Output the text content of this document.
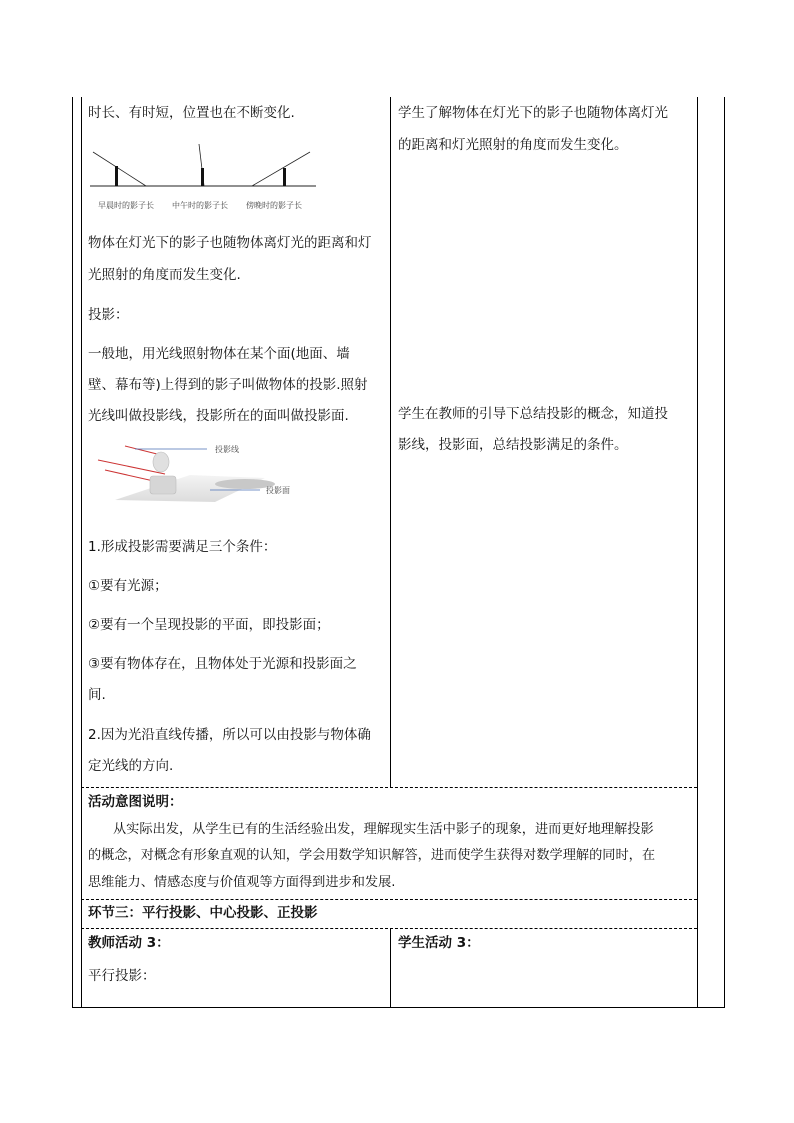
时长、有时短，位置也在不断变化.
早晨时的影子长 中午时的影子长 傍晚时的影子长
物体在灯光下的影子也随物体离灯光的距离和灯
光照射的角度而发生变化.
投影：
一般地，用光线照射物体在某个面(地面、墙
壁、幕布等)上得到的影子叫做物体的投影.照射
光线叫做投影线，投影所在的面叫做投影面.
投影线
投影面
1.形成投影需要满足三个条件：
①要有光源；
②要有一个呈现投影的平面，即投影面；
③要有物体存在，且物体处于光源和投影面之
间.
2.因为光沿直线传播，所以可以由投影与物体确
定光线的方向.
学生了解物体在灯光下的影子也随物体离灯光
的距离和灯光照射的角度而发生变化。
学生在教师的引导下总结投影的概念，知道投
影线，投影面，总结投影满足的条件。
活动意图说明：
从实际出发，从学生已有的生活经验出发，理解现实生活中影子的现象，进而更好地理解投影
的概念，对概念有形象直观的认知，学会用数学知识解答，进而使学生获得对数学理解的同时，在
思维能力、情感态度与价值观等方面得到进步和发展.
环节三：平行投影、中心投影、正投影
教师活动 3：	学生活动 3：
平行投影：
